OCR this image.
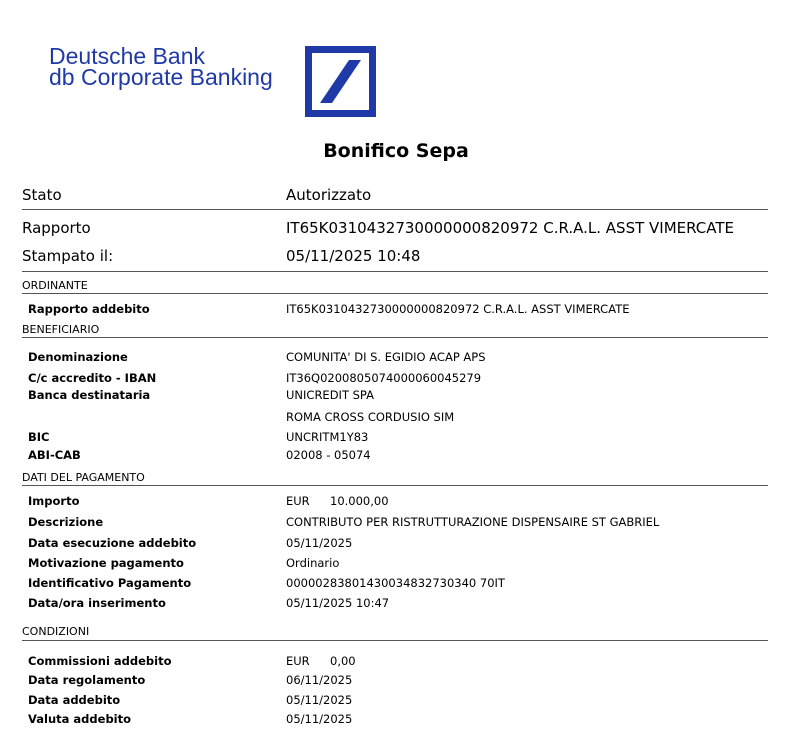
Deutsche Bank
db Corporate Banking
Bonifico Sepa
Stato	Autorizzato
Rapporto	IT65K0310432730000000820972 C.R.A.L. ASST VIMERCATE
Stampato il:	05/11/2025 10:48
ORDINANTE
Rapporto addebito	IT65K0310432730000000820972 C.R.A.L. ASST VIMERCATE
BENEFICIARIO
Denominazione	COMUNITA' DI S. EGIDIO ACAP APS
C/c accredito - IBAN	IT36Q0200805074000060045279
Banca destinataria	UNICREDIT SPA
ROMA CROSS CORDUSIO SIM
BIC	UNCRITM1Y83
ABI-CAB	02008 - 05074
DATI DEL PAGAMENTO
Importo	EUR 10.000,00
Descrizione	CONTRIBUTO PER RISTRUTTURAZIONE DISPENSAIRE ST GABRIEL
Data esecuzione addebito	05/11/2025
Motivazione pagamento	Ordinario
Identificativo Pagamento	00000283801430034832730340 70IT
Data/ora inserimento	05/11/2025 10:47
CONDIZIONI
Commissioni addebito	EUR 0,00
Data regolamento	06/11/2025
Data addebito	05/11/2025
Valuta addebito	05/11/2025
